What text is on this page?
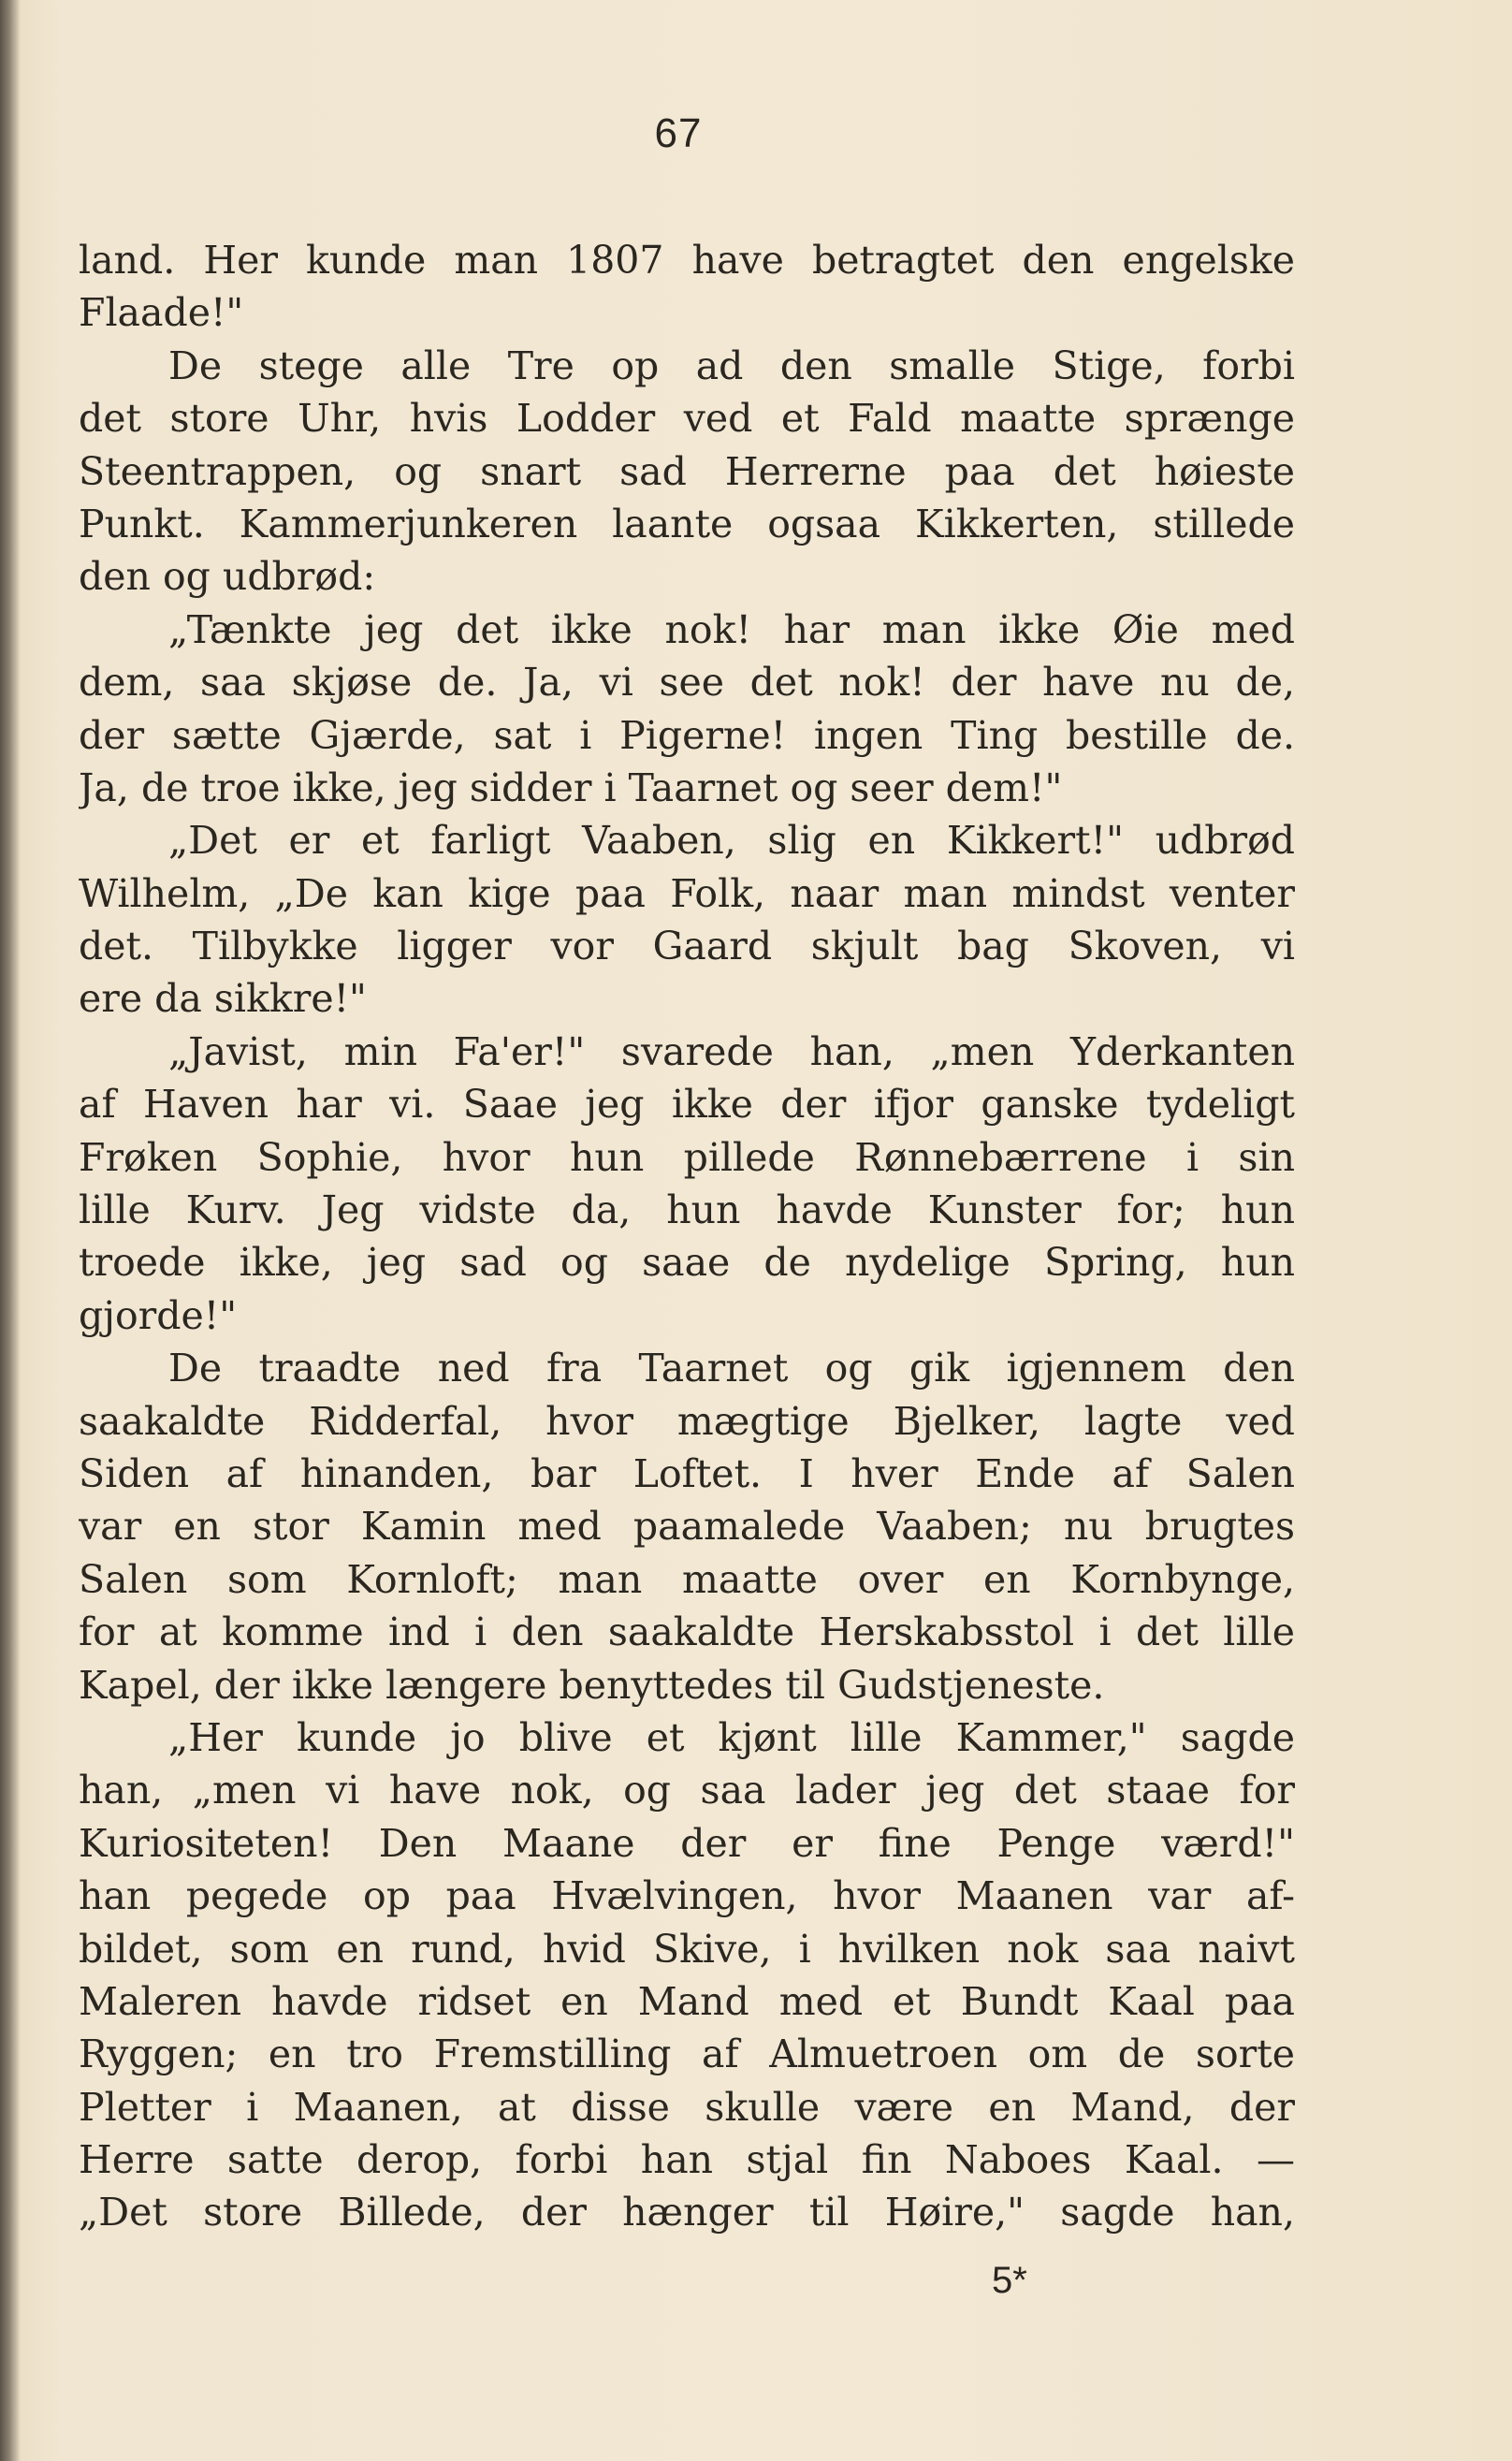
67
land. Her kunde man 1807 have betragtet den engelske
Flaade!"
De stege alle Tre op ad den smalle Stige, forbi
det store Uhr, hvis Lodder ved et Fald maatte sprænge
Steentrappen, og snart sad Herrerne paa det høieste
Punkt. Kammerjunkeren laante ogsaa Kikkerten, stillede
den og udbrød:
„Tænkte jeg det ikke nok! har man ikke Øie med
dem, saa skjøse de. Ja, vi see det nok! der have nu de,
der sætte Gjærde, sat i Pigerne! ingen Ting bestille de.
Ja, de troe ikke, jeg sidder i Taarnet og seer dem!"
„Det er et farligt Vaaben, slig en Kikkert!" udbrød
Wilhelm, „De kan kige paa Folk, naar man mindst venter
det. Tilbykke ligger vor Gaard skjult bag Skoven, vi
ere da sikkre!"
„Javist, min Fa'er!" svarede han, „men Yderkanten
af Haven har vi. Saae jeg ikke der ifjor ganske tydeligt
Frøken Sophie, hvor hun pillede Rønnebærrene i sin
lille Kurv. Jeg vidste da, hun havde Kunster for; hun
troede ikke, jeg sad og saae de nydelige Spring, hun
gjorde!"
De traadte ned fra Taarnet og gik igjennem den
saakaldte Ridderfal, hvor mægtige Bjelker, lagte ved
Siden af hinanden, bar Loftet. I hver Ende af Salen
var en stor Kamin med paamalede Vaaben; nu brugtes
Salen som Kornloft; man maatte over en Kornbynge,
for at komme ind i den saakaldte Herskabsstol i det lille
Kapel, der ikke længere benyttedes til Gudstjeneste.
„Her kunde jo blive et kjønt lille Kammer," sagde
han, „men vi have nok, og saa lader jeg det staae for
Kuriositeten! Den Maane der er fine Penge værd!"
han pegede op paa Hvælvingen, hvor Maanen var af-
bildet, som en rund, hvid Skive, i hvilken nok saa naivt
Maleren havde ridset en Mand med et Bundt Kaal paa
Ryggen; en tro Fremstilling af Almuetroen om de sorte
Pletter i Maanen, at disse skulle være en Mand, der
Herre satte derop, forbi han stjal fin Naboes Kaal. —
„Det store Billede, der hænger til Høire," sagde han,
5*
